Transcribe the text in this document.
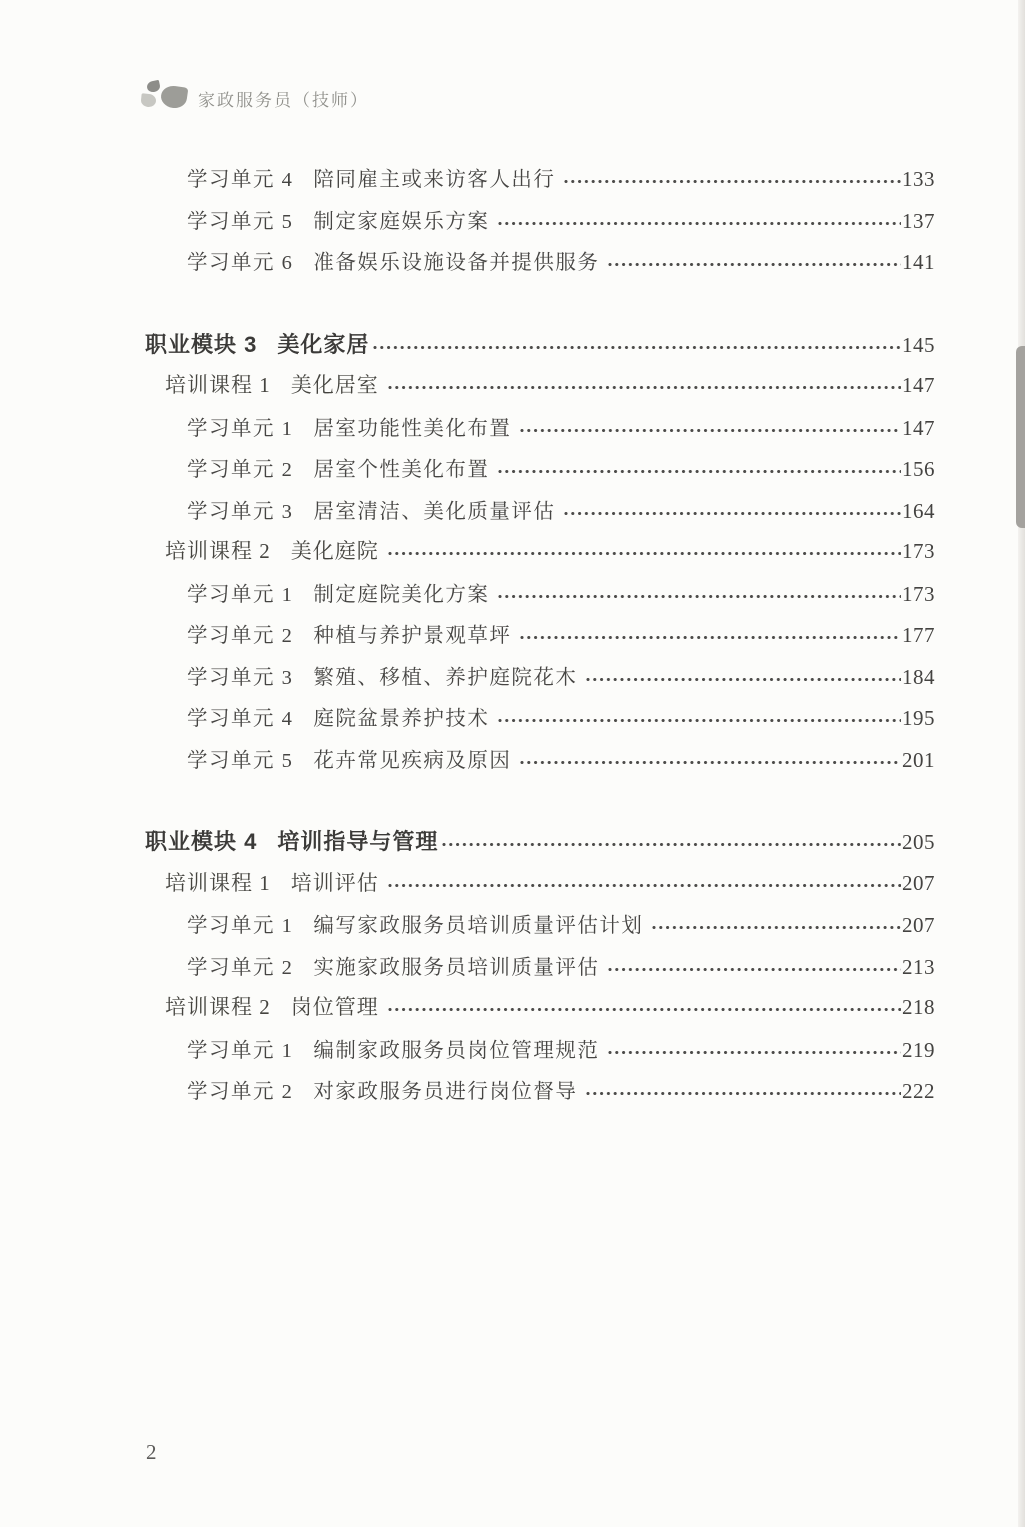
家政服务员（技师）
学习单元 4 陪同雇主或来访客人出行	133
学习单元 5 制定家庭娱乐方案	137
学习单元 6 准备娱乐设施设备并提供服务	141
职业模块 3 美化家居	145
培训课程 1 美化居室	147
学习单元 1 居室功能性美化布置	147
学习单元 2 居室个性美化布置	156
学习单元 3 居室清洁、美化质量评估	164
培训课程 2 美化庭院	173
学习单元 1 制定庭院美化方案	173
学习单元 2 种植与养护景观草坪	177
学习单元 3 繁殖、移植、养护庭院花木	184
学习单元 4 庭院盆景养护技术	195
学习单元 5 花卉常见疾病及原因	201
职业模块 4 培训指导与管理	205
培训课程 1 培训评估	207
学习单元 1 编写家政服务员培训质量评估计划	207
学习单元 2 实施家政服务员培训质量评估	213
培训课程 2 岗位管理	218
学习单元 1 编制家政服务员岗位管理规范	219
学习单元 2 对家政服务员进行岗位督导	222
2
